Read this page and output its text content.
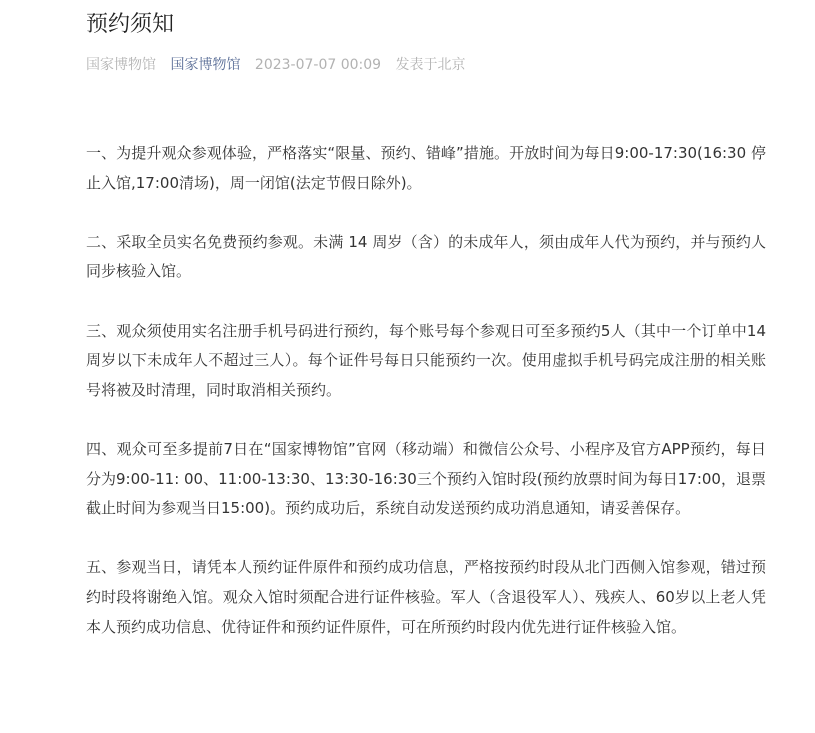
预约须知
国家博物馆 国家博物馆 2023-07-07 00:09 发表于北京

一、为提升观众参观体验，严格落实“限量、预约、错峰”措施。开放时间为每日9:00-17:30(16:30 停止入馆,17:00清场)，周一闭馆(法定节假日除外)。

二、采取全员实名免费预约参观。未满 14 周岁（含）的未成年人，须由成年人代为预约，并与预约人同步核验入馆。

三、观众须使用实名注册手机号码进行预约，每个账号每个参观日可至多预约5人（其中一个订单中14周岁以下未成年人不超过三人）。每个证件号每日只能预约一次。使用虚拟手机号码完成注册的相关账号将被及时清理，同时取消相关预约。

四、观众可至多提前7日在“国家博物馆”官网（移动端）和微信公众号、小程序及官方APP预约，每日分为9:00-11: 00、11:00-13:30、13:30-16:30三个预约入馆时段(预约放票时间为每日17:00，退票截止时间为参观当日15:00)。预约成功后，系统自动发送预约成功消息通知，请妥善保存。

五、参观当日，请凭本人预约证件原件和预约成功信息，严格按预约时段从北门西侧入馆参观，错过预约时段将谢绝入馆。观众入馆时须配合进行证件核验。军人（含退役军人）、残疾人、60岁以上老人凭本人预约成功信息、优待证件和预约证件原件，可在所预约时段内优先进行证件核验入馆。
